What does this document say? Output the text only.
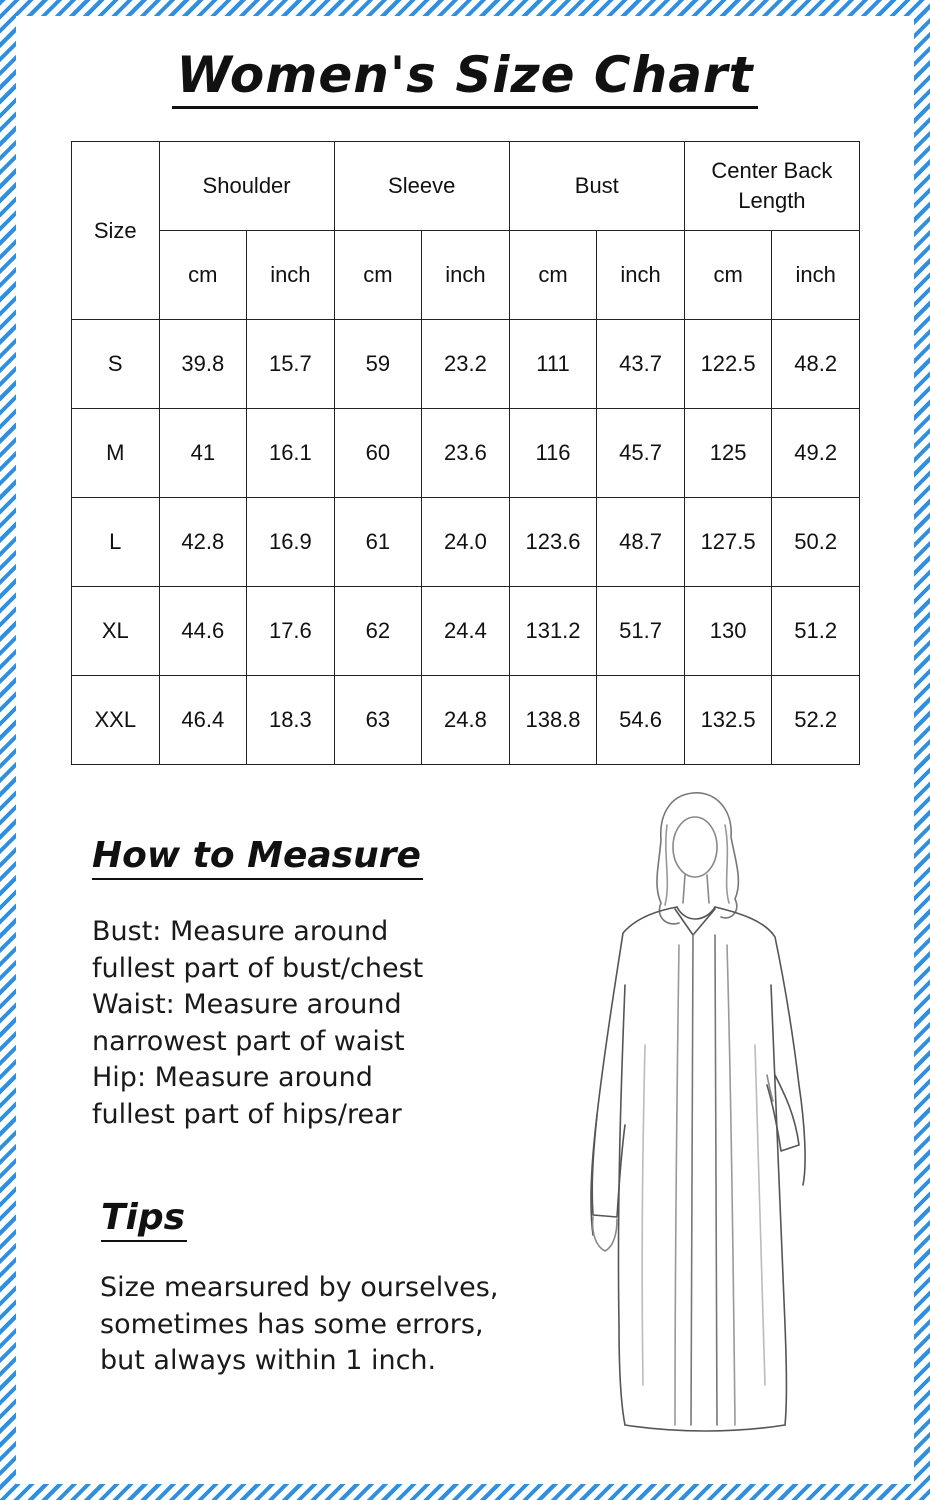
Women's Size Chart
Size	Shoulder		Sleeve		Bust		Center Back Length	
	cm	inch	cm	inch	cm	inch	cm	inch
S	39.8	15.7	59	23.2	111	43.7	122.5	48.2
M	41	16.1	60	23.6	116	45.7	125	49.2
L	42.8	16.9	61	24.0	123.6	48.7	127.5	50.2
XL	44.6	17.6	62	24.4	131.2	51.7	130	51.2
XXL	46.4	18.3	63	24.8	138.8	54.6	132.5	52.2
How to Measure
Bust: Measure around
fullest part of bust/chest
Waist: Measure around
narrowest part of waist
Hip: Measure around
fullest part of hips/rear
Tips
Size mearsured by ourselves,
sometimes has some errors,
but always within 1 inch.
